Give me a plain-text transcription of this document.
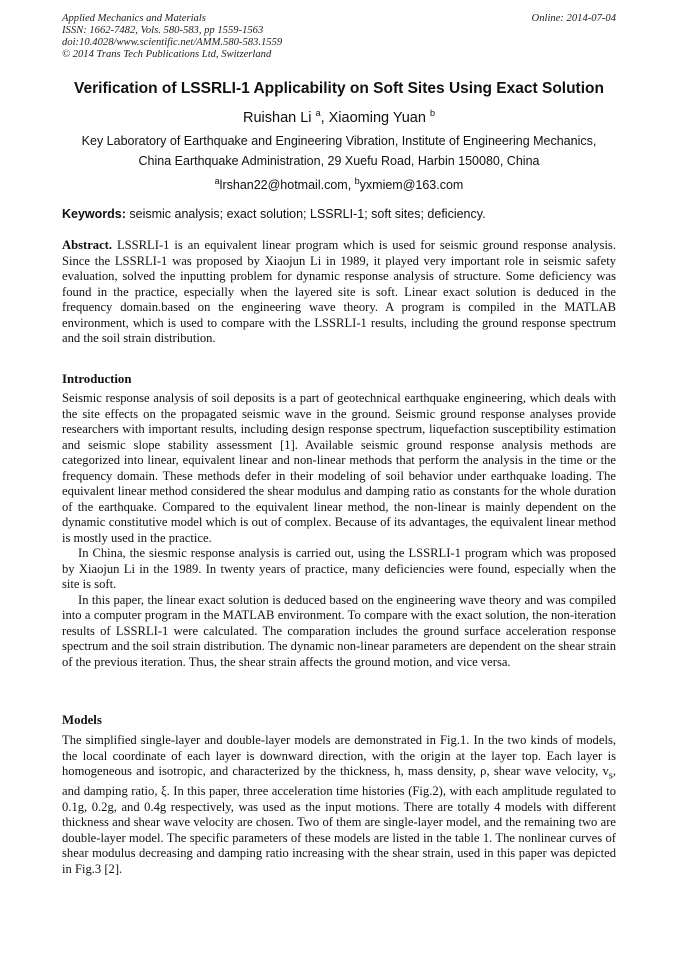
Applied Mechanics and Materials
ISSN: 1662-7482, Vols. 580-583, pp 1559-1563
doi:10.4028/www.scientific.net/AMM.580-583.1559
© 2014 Trans Tech Publications Ltd, Switzerland
Online: 2014-07-04
Verification of LSSRLI-1 Applicability on Soft Sites Using Exact Solution
Ruishan Li $^a$, Xiaoming Yuan $^b$
Key Laboratory of Earthquake and Engineering Vibration, Institute of Engineering Mechanics,
China Earthquake Administration, 29 Xuefu Road, Harbin 150080, China
$^a$lrshan22@hotmail.com, $^b$yxmiem@163.com
Keywords: seismic analysis; exact solution; LSSRLI-1; soft sites; deficiency.
Abstract. LSSRLI-1 is an equivalent linear program which is used for seismic ground response analysis. Since the LSSRLI-1 was proposed by Xiaojun Li in 1989, it played very important role in seismic safety evaluation, solved the inputting problem for dynamic response analysis of structure. Some deficiency was found in the practice, especially when the layered site is soft. Linear exact solution is deduced in the frequency domain.based on the engineering wave theory. A program is compiled in the MATLAB environment, which is used to compare with the LSSRLI-1 results, including the ground response spectrum and the soil strain distribution.
Introduction

Seismic response analysis of soil deposits is a part of geotechnical earthquake engineering, which deals with the site effects on the propagated seismic wave in the ground. Seismic ground response analyses provide researchers with important results, including design response spectrum, liquefaction susceptibility estimation and seismic slope stability assessment [1]. Available seismic ground response analysis methods are categorized into linear, equivalent linear and non-linear methods that perform the analysis in the time or the frequency domain. These methods defer in their modeling of soil behavior under earthquake loading. The equivalent linear method considered the shear modulus and damping ratio as constants for the whole duration of the earthquake. Compared to the equivalent linear method, the non-linear is mainly dependent on the dynamic constitutive model which is out of complex. Because of its advantages, the equivalent linear method is mostly used in the practice.

In China, the siesmic response analysis is carried out, using the LSSRLI-1 program which was proposed by Xiaojun Li in the 1989. In twenty years of practice, many deficiencies were found, especially when the site is soft.

In this paper, the linear exact solution is deduced based on the engineering wave theory and was compiled into a computer program in the MATLAB environment. To compare with the exact solution, the non-iteration results of LSSRLI-1 were calculated. The comparation includes the ground surface acceleration response spectrum and the soil strain distribution. The dynamic non-linear parameters are dependent on the shear strain of the previous iteration. Thus, the shear strain affects the ground motion, and vice versa.

Models

The simplified single-layer and double-layer models are demonstrated in Fig.1. In the two kinds of models, the local coordinate of each layer is downward direction, with the origin at the layer top. Each layer is homogeneous and isotropic, and characterized by the thickness, h, mass density, ρ, shear wave velocity, $v_s$, and damping ratio, ξ. In this paper, three acceleration time histories (Fig.2), with each amplitude regulated to 0.1g, 0.2g, and 0.4g respectively, was used as the input motions. There are totally 4 models with different thickness and shear wave velocity are chosen. Two of them are single-layer model, and the remaining two are double-layer model. The specific parameters of these models are listed in the table 1. The nonlinear curves of shear modulus decreasing and damping ratio increasing with the shear strain, used in this paper was depicted in Fig.3 [2].
